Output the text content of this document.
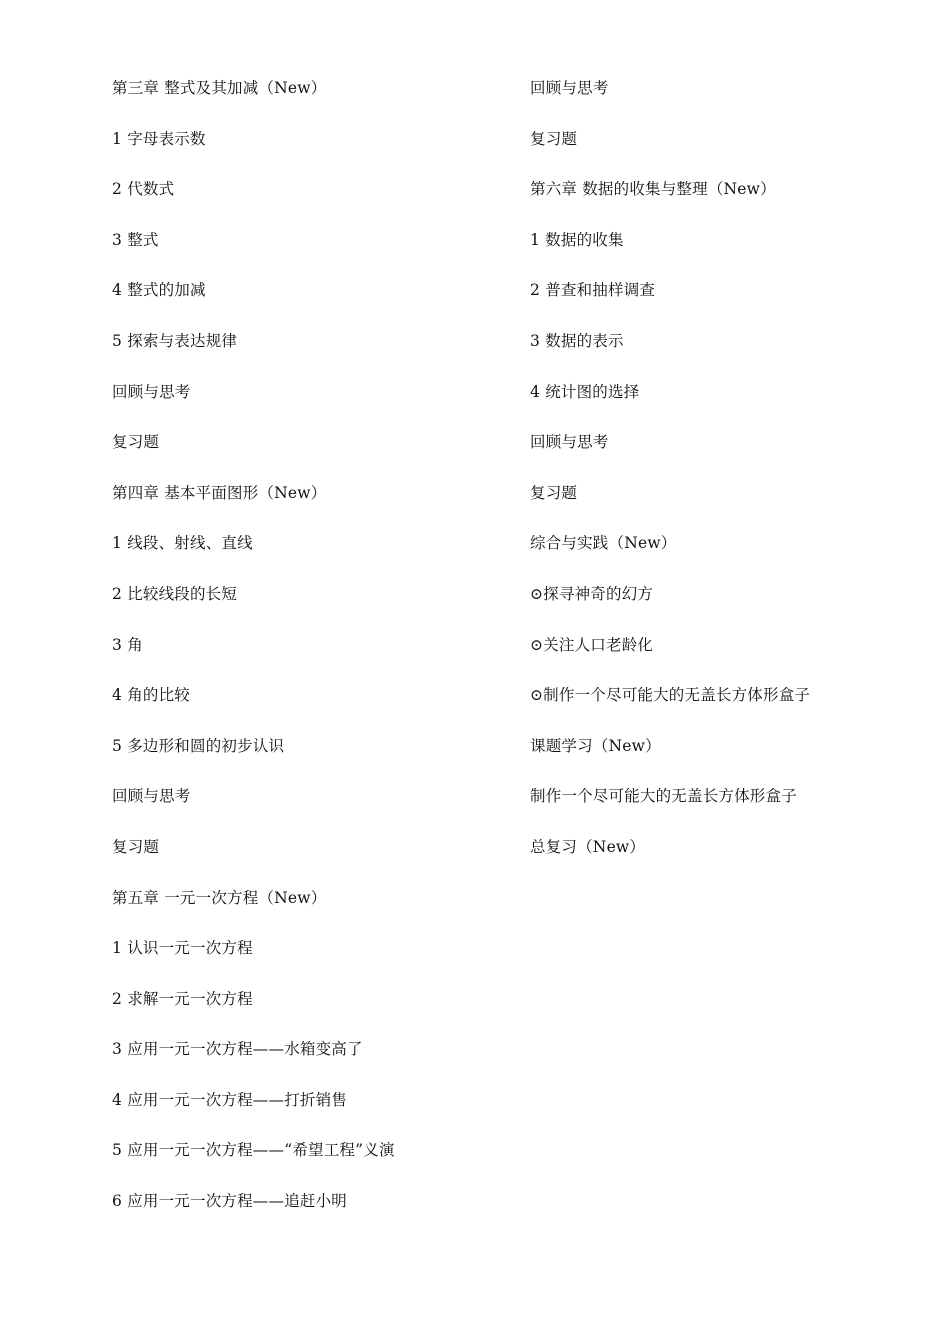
第三章 整式及其加减（New）
1 字母表示数
2 代数式
3 整式
4 整式的加减
5 探索与表达规律
回顾与思考
复习题
第四章 基本平面图形（New）
1 线段、射线、直线
2 比较线段的长短
3 角
4 角的比较
5 多边形和圆的初步认识
回顾与思考
复习题
第五章 一元一次方程（New）
1 认识一元一次方程
2 求解一元一次方程
3 应用一元一次方程——水箱变高了
4 应用一元一次方程——打折销售
5 应用一元一次方程——“希望工程”义演
6 应用一元一次方程——追赶小明
回顾与思考
复习题
第六章 数据的收集与整理（New）
1 数据的收集
2 普查和抽样调查
3 数据的表示
4 统计图的选择
回顾与思考
复习题
综合与实践（New）
⊙探寻神奇的幻方
⊙关注人口老龄化
⊙制作一个尽可能大的无盖长方体形盒子
课题学习（New）
制作一个尽可能大的无盖长方体形盒子
总复习（New）
